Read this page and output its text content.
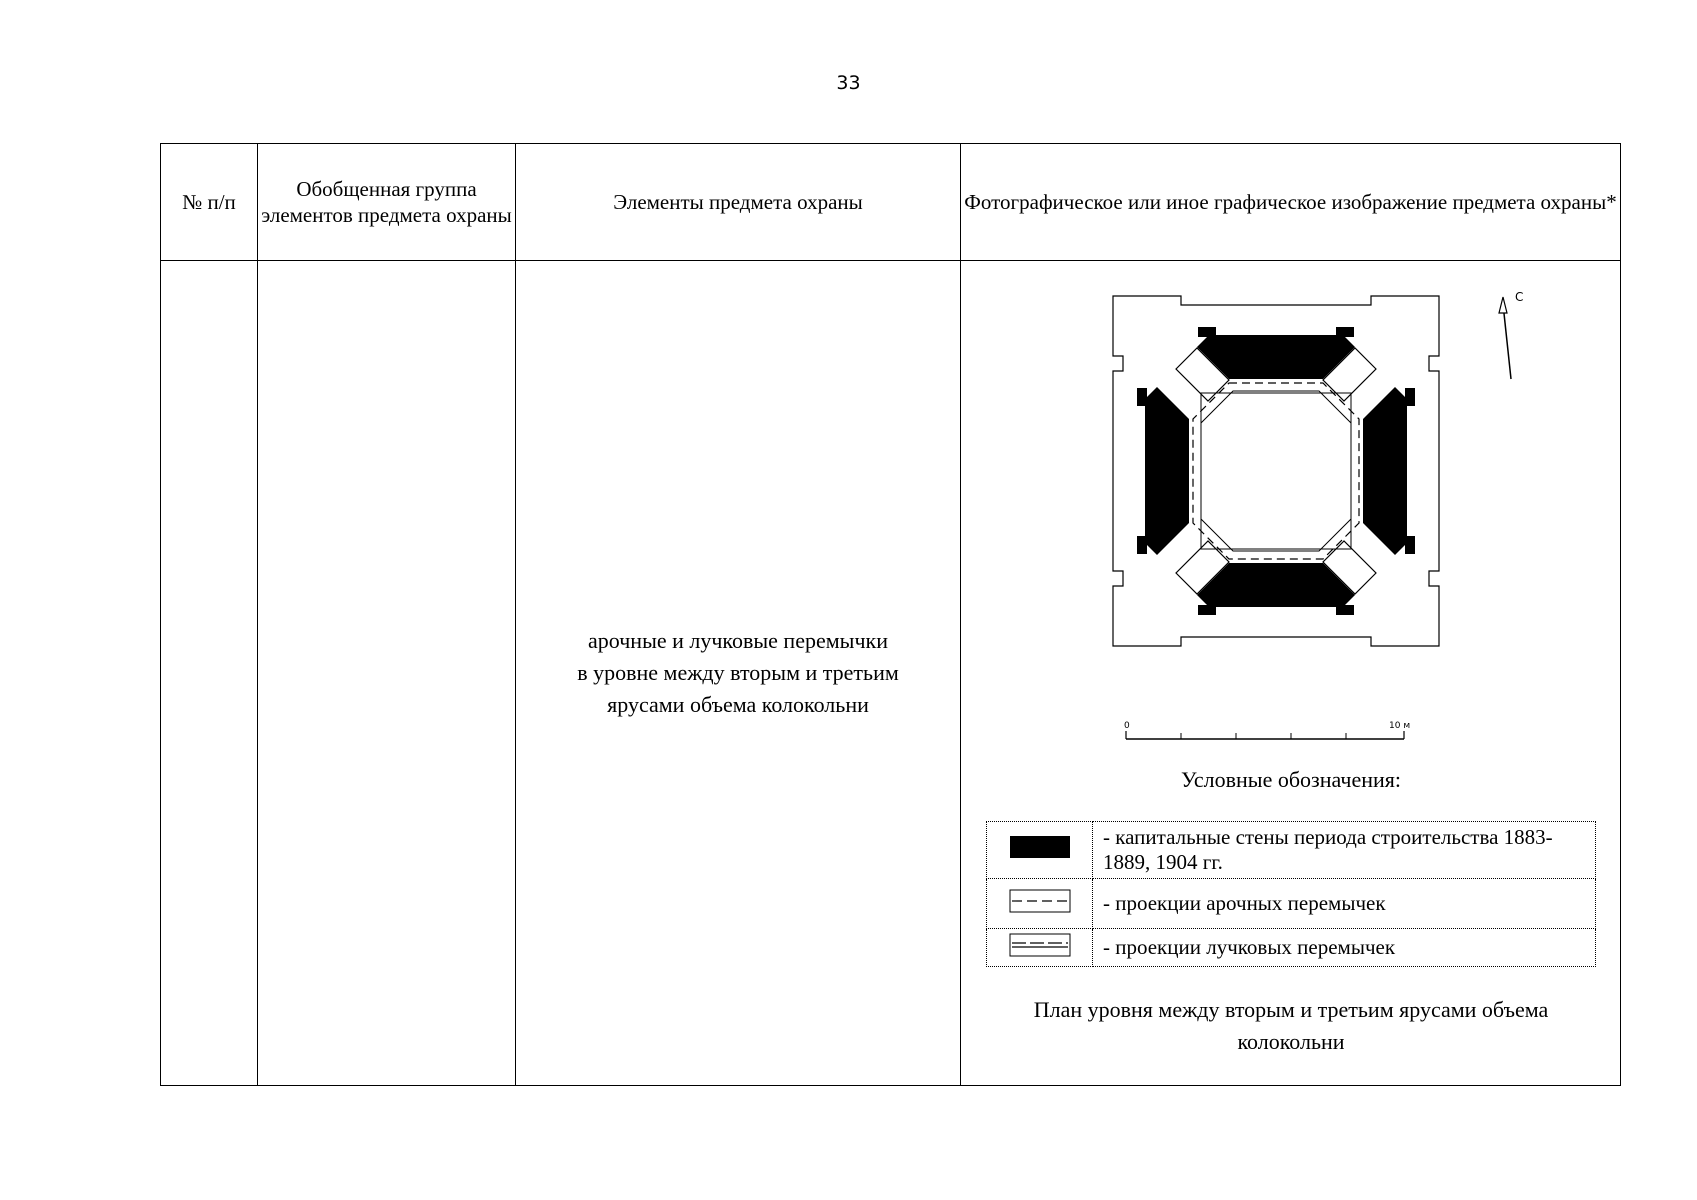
33
№ п/п	Обобщенная группа элементов предмета охраны	Элементы предмета охраны	Фотографическое или иное графическое изображение предмета охраны*

арочные и лучковые перемычки
в уровне между вторым и третьим
ярусами объема колокольни

С
0	10 м
Условные обозначения:
	- капитальные стены периода строительства 1883-1889, 1904 гг.
	- проекции арочных перемычек
	- проекции лучковых перемычек
План уровня между вторым и третьим ярусами объема колокольни
